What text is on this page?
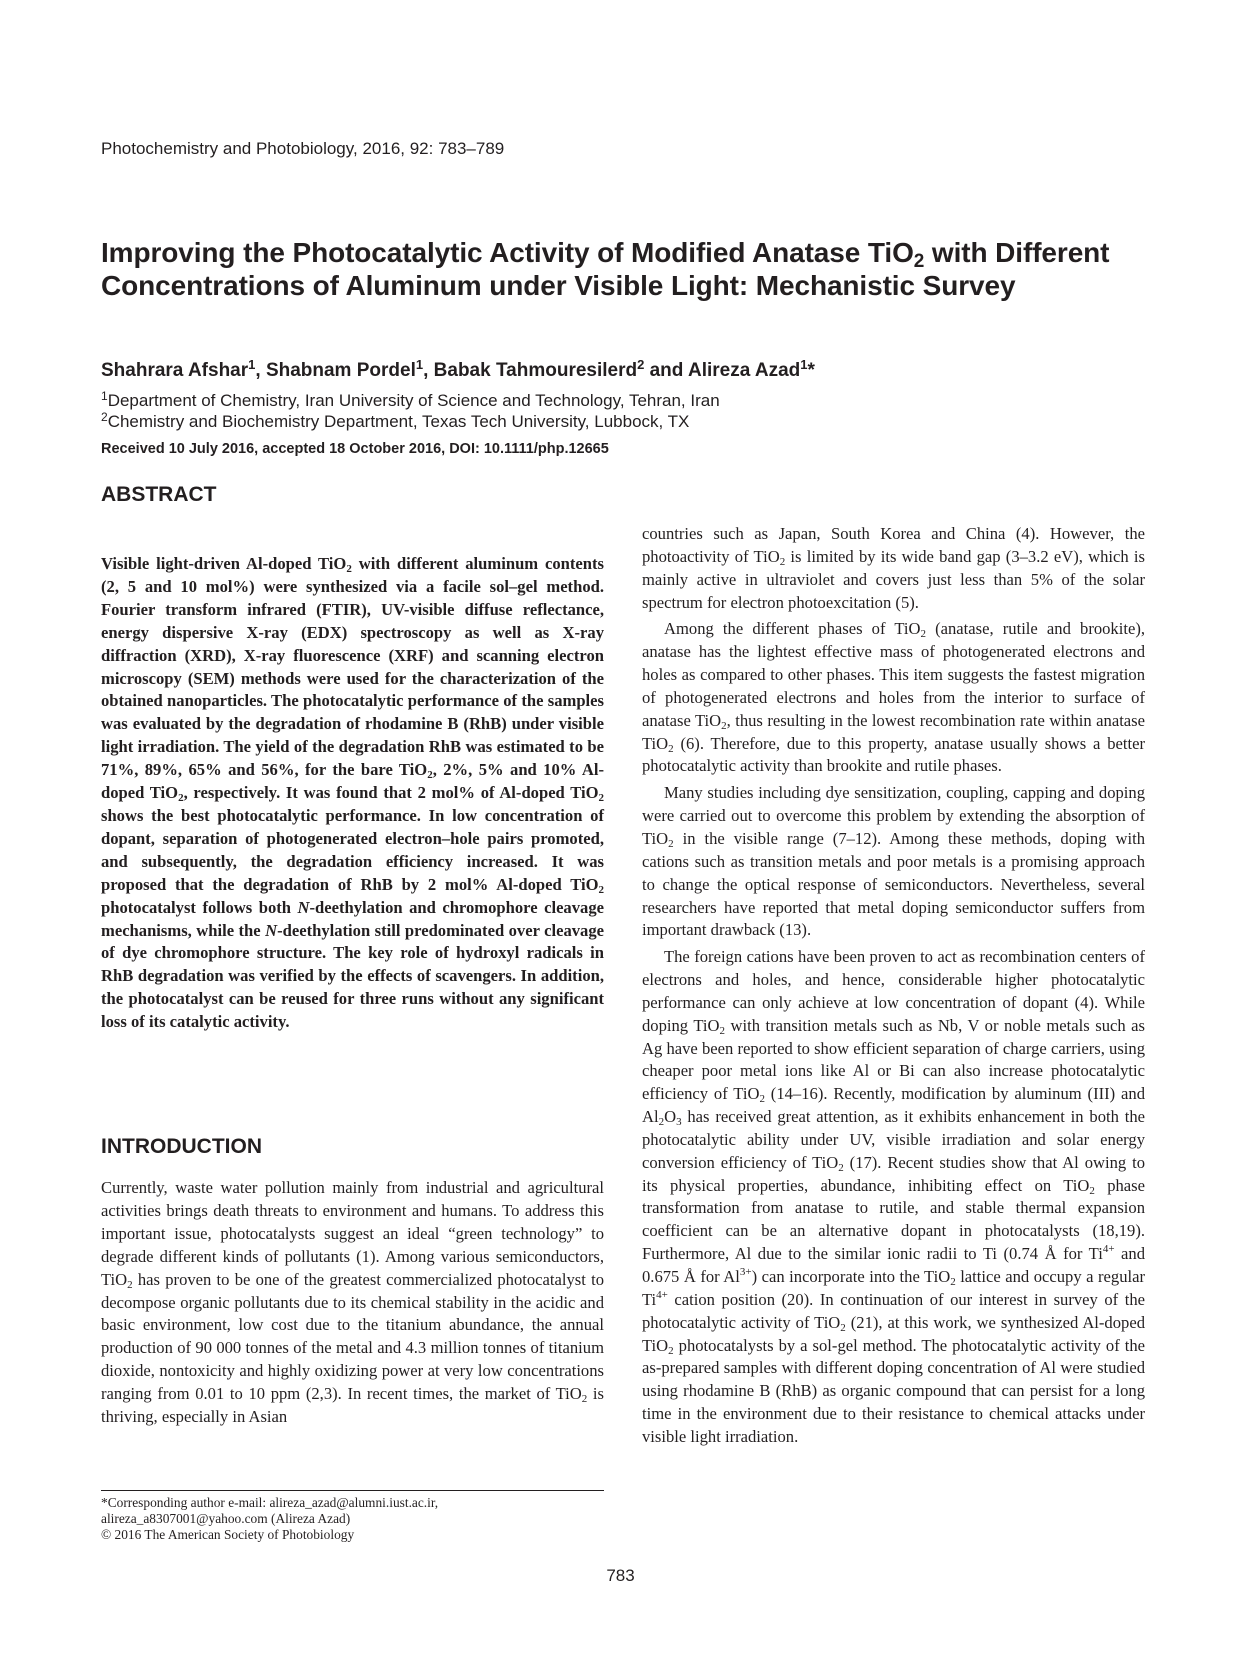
Photochemistry and Photobiology, 2016, 92: 783–789
Improving the Photocatalytic Activity of Modified Anatase TiO$_2$ with Different Concentrations of Aluminum under Visible Light: Mechanistic Survey
Shahrara Afshar$^1$, Shabnam Pordel$^1$, Babak Tahmouresilerd$^2$ and Alireza Azad$^1$*
$^1$Department of Chemistry, Iran University of Science and Technology, Tehran, Iran
$^2$Chemistry and Biochemistry Department, Texas Tech University, Lubbock, TX
Received 10 July 2016, accepted 18 October 2016, DOI: 10.1111/php.12665
ABSTRACT

Visible light-driven Al-doped TiO$_2$ with different aluminum contents (2, 5 and 10 mol%) were synthesized via a facile sol–gel method. Fourier transform infrared (FTIR), UV-visible diffuse reflectance, energy dispersive X-ray (EDX) spectroscopy as well as X-ray diffraction (XRD), X-ray fluorescence (XRF) and scanning electron microscopy (SEM) methods were used for the characterization of the obtained nanoparticles. The photocatalytic performance of the samples was evaluated by the degradation of rhodamine B (RhB) under visible light irradiation. The yield of the degradation RhB was estimated to be 71%, 89%, 65% and 56%, for the bare TiO$_2$, 2%, 5% and 10% Al-doped TiO$_2$, respectively. It was found that 2 mol% of Al-doped TiO$_2$ shows the best photocatalytic performance. In low concentration of dopant, separation of photogenerated electron–hole pairs promoted, and subsequently, the degradation efficiency increased. It was proposed that the degradation of RhB by 2 mol% Al-doped TiO$_2$ photocatalyst follows both N-deethylation and chromophore cleavage mechanisms, while the N-deethylation still predominated over cleavage of dye chromophore structure. The key role of hydroxyl radicals in RhB degradation was verified by the effects of scavengers. In addition, the photocatalyst can be reused for three runs without any significant loss of its catalytic activity.

INTRODUCTION

Currently, waste water pollution mainly from industrial and agricultural activities brings death threats to environment and humans. To address this important issue, photocatalysts suggest an ideal “green technology” to degrade different kinds of pollutants (1). Among various semiconductors, TiO$_2$ has proven to be one of the greatest commercialized photocatalyst to decompose organic pollutants due to its chemical stability in the acidic and basic environment, low cost due to the titanium abundance, the annual production of 90 000 tonnes of the metal and 4.3 million tonnes of titanium dioxide, nontoxicity and highly oxidizing power at very low concentrations ranging from 0.01 to 10 ppm (2,3). In recent times, the market of TiO$_2$ is thriving, especially in Asian

countries such as Japan, South Korea and China (4). However, the photoactivity of TiO$_2$ is limited by its wide band gap (3–3.2 eV), which is mainly active in ultraviolet and covers just less than 5% of the solar spectrum for electron photoexcitation (5).

Among the different phases of TiO$_2$ (anatase, rutile and brookite), anatase has the lightest effective mass of photogenerated electrons and holes as compared to other phases. This item suggests the fastest migration of photogenerated electrons and holes from the interior to surface of anatase TiO$_2$, thus resulting in the lowest recombination rate within anatase TiO$_2$ (6). Therefore, due to this property, anatase usually shows a better photocatalytic activity than brookite and rutile phases.

Many studies including dye sensitization, coupling, capping and doping were carried out to overcome this problem by extending the absorption of TiO$_2$ in the visible range (7–12). Among these methods, doping with cations such as transition metals and poor metals is a promising approach to change the optical response of semiconductors. Nevertheless, several researchers have reported that metal doping semiconductor suffers from important drawback (13).

The foreign cations have been proven to act as recombination centers of electrons and holes, and hence, considerable higher photocatalytic performance can only achieve at low concentration of dopant (4). While doping TiO$_2$ with transition metals such as Nb, V or noble metals such as Ag have been reported to show efficient separation of charge carriers, using cheaper poor metal ions like Al or Bi can also increase photocatalytic efficiency of TiO$_2$ (14–16). Recently, modification by aluminum (III) and $Al_2O_3$ has received great attention, as it exhibits enhancement in both the photocatalytic ability under UV, visible irradiation and solar energy conversion efficiency of TiO$_2$ (17). Recent studies show that Al owing to its physical properties, abundance, inhibiting effect on TiO$_2$ phase transformation from anatase to rutile, and stable thermal expansion coefficient can be an alternative dopant in photocatalysts (18,19). Furthermore, Al due to the similar ionic radii to Ti (0.74 Å for $Ti^{4+}$ and 0.675 Å for $Al^{3+}$) can incorporate into the TiO$_2$ lattice and occupy a regular $Ti^{4+}$ cation position (20). In continuation of our interest in survey of the photocatalytic activity of TiO$_2$ (21), at this work, we synthesized Al-doped TiO$_2$ photocatalysts by a sol-gel method. The photocatalytic activity of the as-prepared samples with different doping concentration of Al were studied using rhodamine B (RhB) as organic compound that can persist for a long time in the environment due to their resistance to chemical attacks under visible light irradiation.

*Corresponding author e-mail: alireza_azad@alumni.iust.ac.ir, alireza_a8307001@yahoo.com (Alireza Azad)

© 2016 The American Society of Photobiology

783
